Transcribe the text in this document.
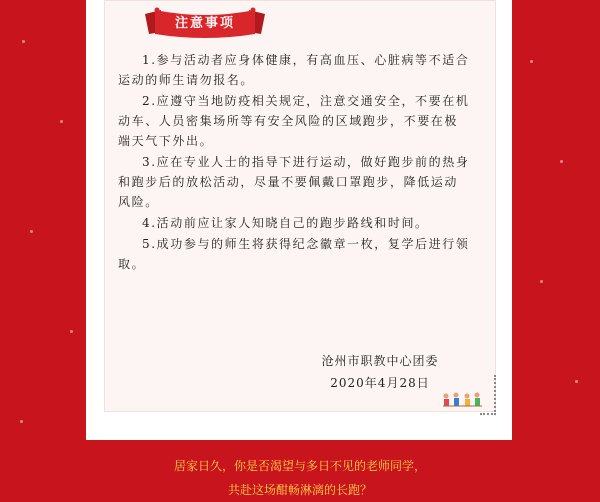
注意事项

1.参与活动者应身体健康，有高血压、心脏病等不适合运动的师生请勿报名。

2.应遵守当地防疫相关规定，注意交通安全，不要在机动车、人员密集场所等有安全风险的区域跑步，不要在极端天气下外出。

3.应在专业人士的指导下进行运动，做好跑步前的热身和跑步后的放松活动，尽量不要佩戴口罩跑步，降低运动风险。

4.活动前应让家人知晓自己的跑步路线和时间。

5.成功参与的师生将获得纪念徽章一枚，复学后进行领取。

沧州市职教中心团委
2020年4月28日
居家日久，你是否渴望与多日不见的老师同学，
共赴这场酣畅淋漓的长跑？
